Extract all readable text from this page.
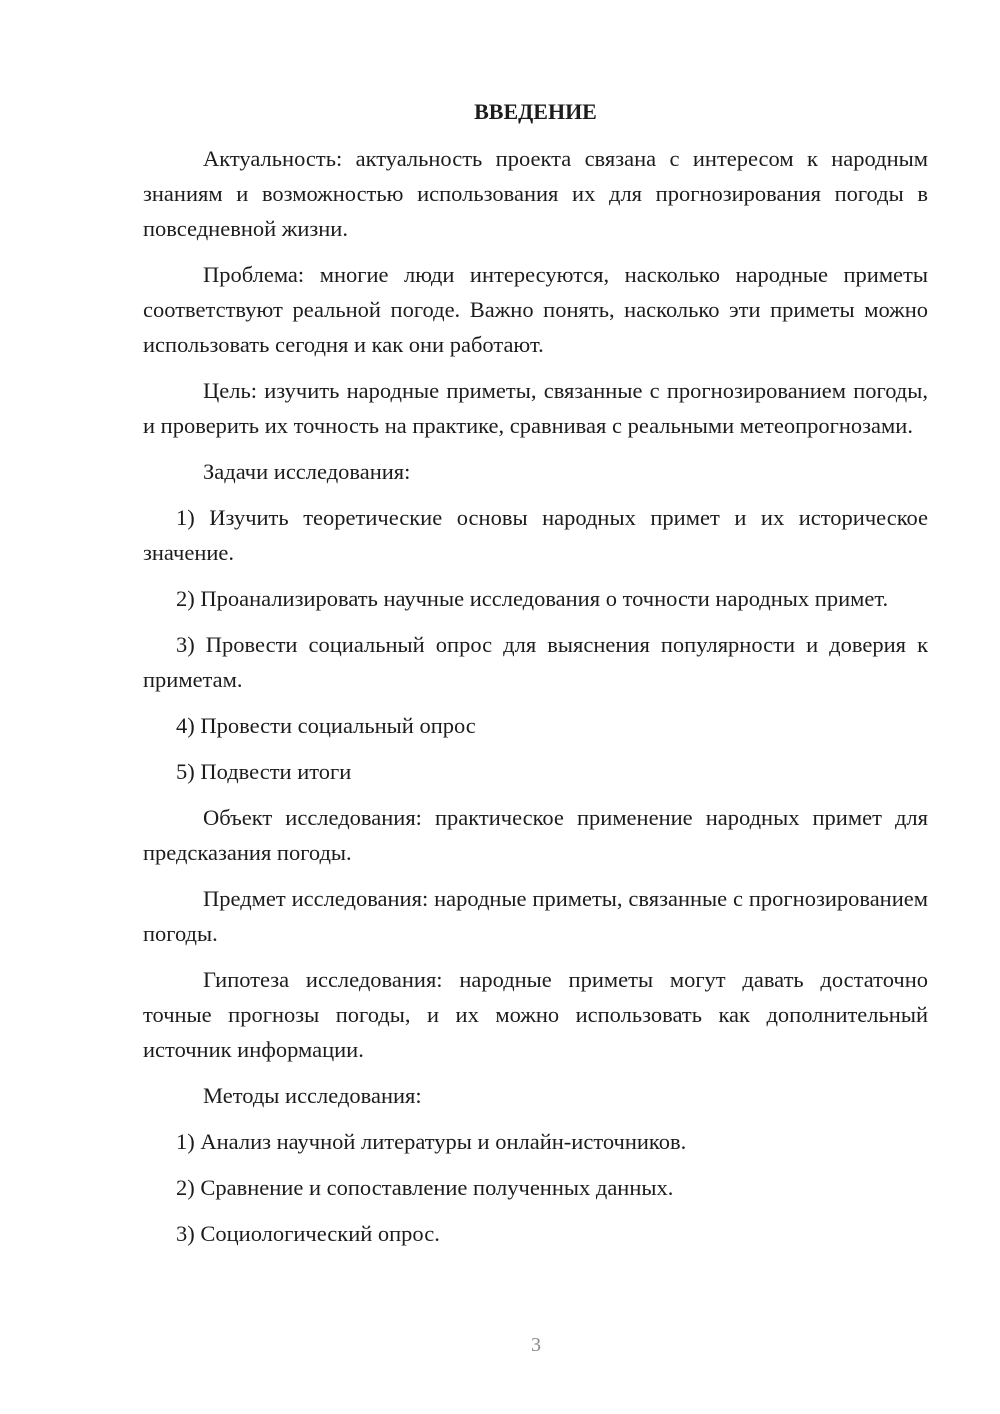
ВВЕДЕНИЕ

Актуальность: актуальность проекта связана с интересом к народным знаниям и возможностью использования их для прогнозирования погоды в повседневной жизни.

Проблема: многие люди интересуются, насколько народные приметы соответствуют реальной погоде. Важно понять, насколько эти приметы можно использовать сегодня и как они работают.

Цель: изучить народные приметы, связанные с прогнозированием погоды, и проверить их точность на практике, сравнивая с реальными метеопрогнозами.

Задачи исследования:

1) Изучить теоретические основы народных примет и их историческое значение.

2) Проанализировать научные исследования о точности народных примет.

3) Провести социальный опрос для выяснения популярности и доверия к приметам.

4) Провести социальный опрос

5) Подвести итоги

Объект исследования: практическое применение народных примет для предсказания погоды.

Предмет исследования: народные приметы, связанные с прогнозированием погоды.

Гипотеза исследования: народные приметы могут давать достаточно точные прогнозы погоды, и их можно использовать как дополнительный источник информации.

Методы исследования:

1) Анализ научной литературы и онлайн-источников.

2) Сравнение и сопоставление полученных данных.

3) Социологический опрос.

3
